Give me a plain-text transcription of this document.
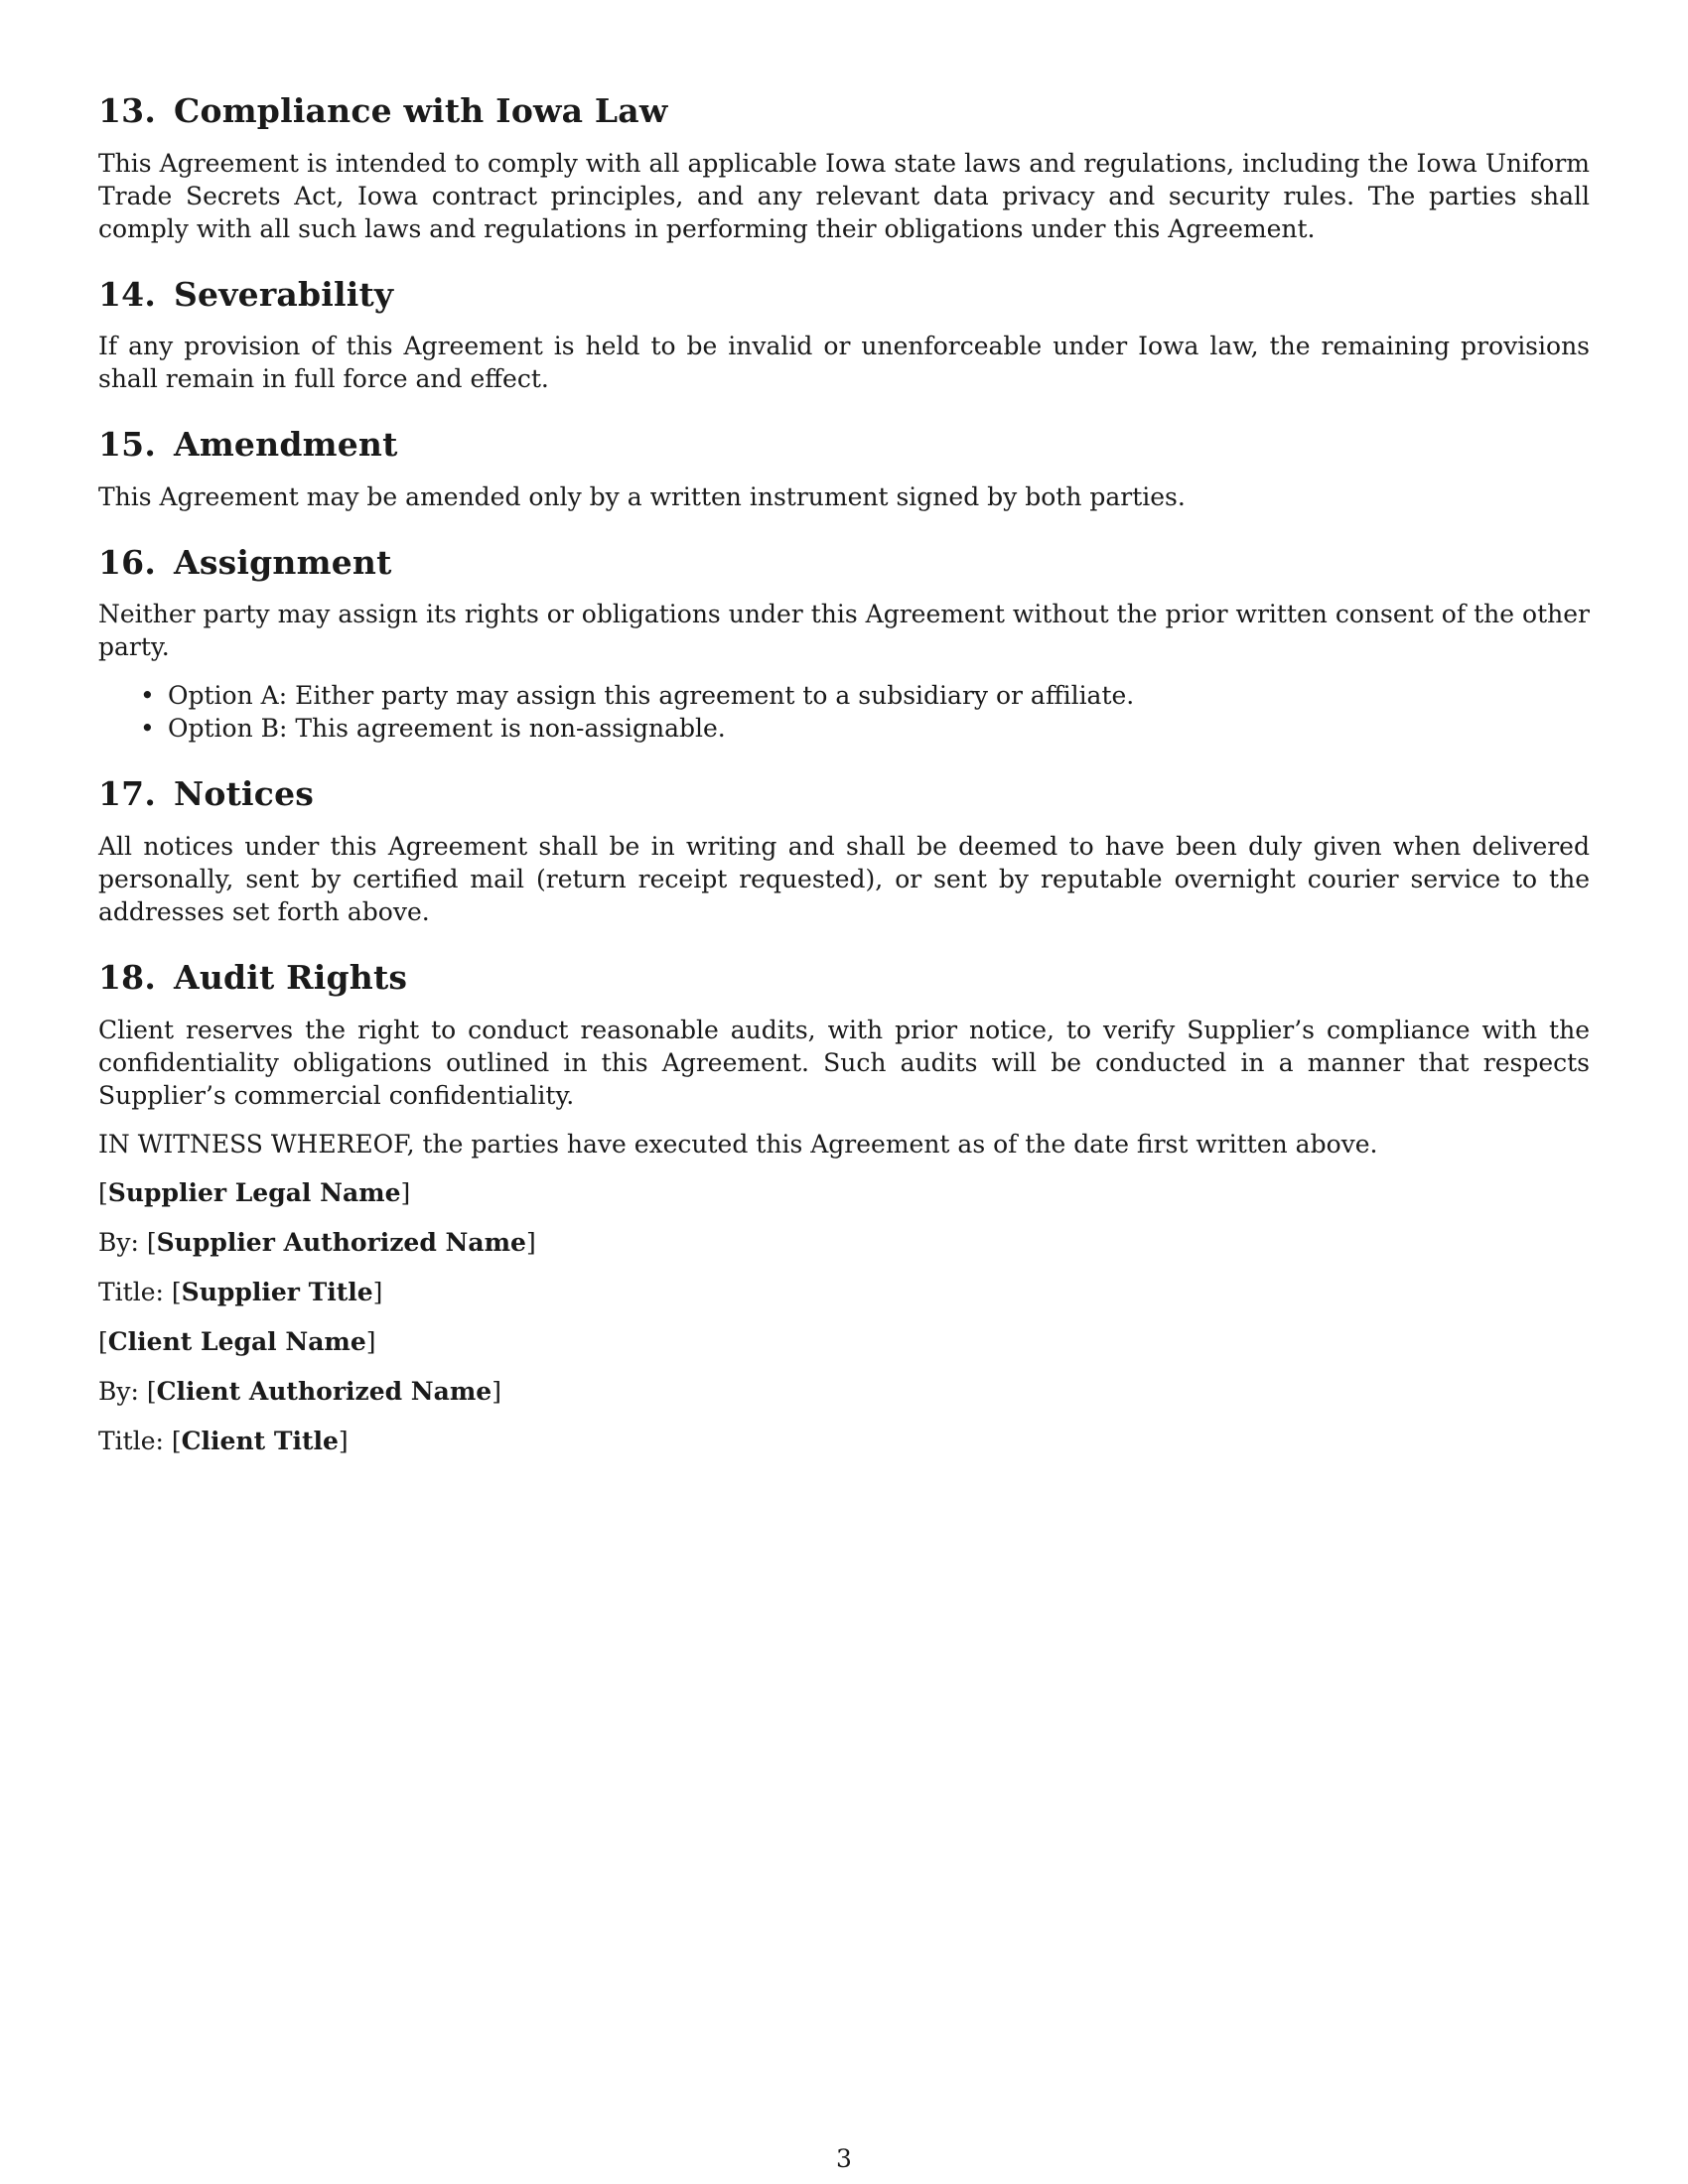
13. Compliance with Iowa Law

This Agreement is intended to comply with all applicable Iowa state laws and regulations, including the Iowa Uniform Trade Secrets Act, Iowa contract principles, and any relevant data privacy and security rules. The parties shall comply with all such laws and regulations in performing their obligations under this Agreement.

14. Severability

If any provision of this Agreement is held to be invalid or unenforceable under Iowa law, the remaining provisions shall remain in full force and effect.

15. Amendment

This Agreement may be amended only by a written instrument signed by both parties.

16. Assignment

Neither party may assign its rights or obligations under this Agreement without the prior written consent of the other party.

• Option A: Either party may assign this agreement to a subsidiary or affiliate.
• Option B: This agreement is non-assignable.
17. Notices

All notices under this Agreement shall be in writing and shall be deemed to have been duly given when delivered personally, sent by certified mail (return receipt requested), or sent by reputable overnight courier service to the addresses set forth above.

18. Audit Rights

Client reserves the right to conduct reasonable audits, with prior notice, to verify Supplier’s compliance with the confidentiality obligations outlined in this Agreement. Such audits will be conducted in a manner that respects Supplier’s commercial confidentiality.

IN WITNESS WHEREOF, the parties have executed this Agreement as of the date first written above.

[Supplier Legal Name]

By: [Supplier Authorized Name]

Title: [Supplier Title]

[Client Legal Name]

By: [Client Authorized Name]

Title: [Client Title]

3
